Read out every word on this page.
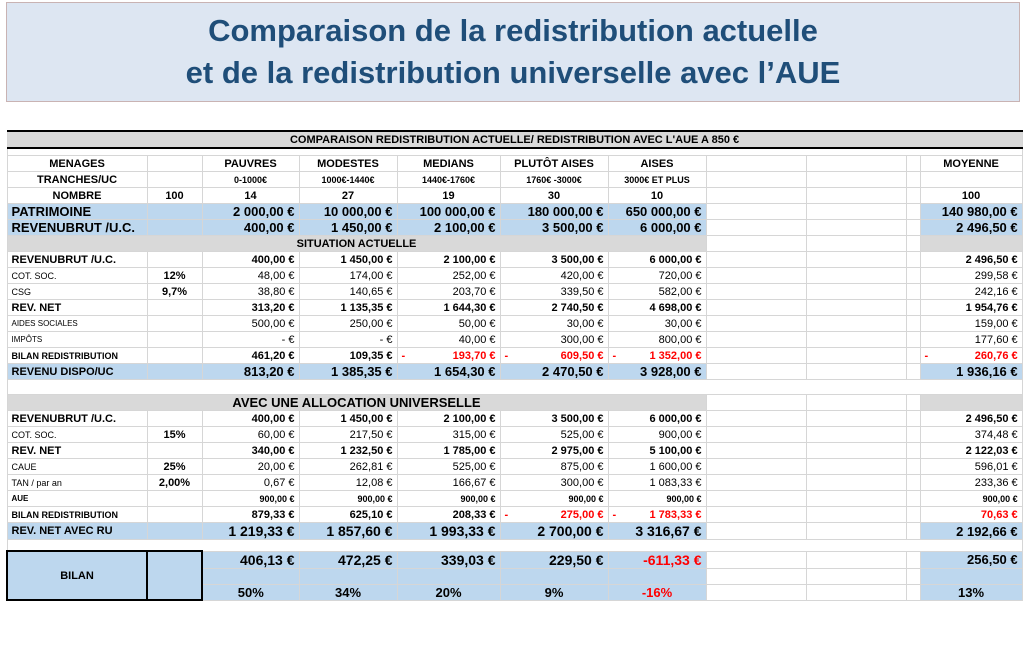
Comparaison de la redistribution actuelle
et de la redistribution universelle avec l’AUE
COMPARAISON REDISTRIBUTION ACTUELLE/ REDISTRIBUTION AVEC L'AUE A 850 €										

MENAGES		PAUVRES	MODESTES	MEDIANS	PLUTÔT AISES	AISES				MOYENNE
TRANCHES/UC		0-1000€	1000€-1440€	1440€-1760€	1760€ -3000€	3000€ ET PLUS				
NOMBRE	100	14	27	19	30	10				100
PATRIMOINE		2 000,00 €	10 000,00 €	100 000,00 €	180 000,00 €	650 000,00 €				140 980,00 €
REVENUBRUT /U.C.		400,00 €	1 450,00 €	2 100,00 €	3 500,00 €	6 000,00 €				2 496,50 €
SITUATION ACTUELLE										
REVENUBRUT /U.C.		400,00 €	1 450,00 €	2 100,00 €	3 500,00 €	6 000,00 €				2 496,50 €
COT. SOC.	12%	48,00 €	174,00 €	252,00 €	420,00 €	720,00 €				299,58 €
CSG	9,7%	38,80 €	140,65 €	203,70 €	339,50 €	582,00 €				242,16 €
REV. NET		313,20 €	1 135,35 €	1 644,30 €	2 740,50 €	4 698,00 €				1 954,76 €
AIDES SOCIALES		500,00 €	250,00 €	50,00 €	30,00 €	30,00 €				159,00 €
IMPÔTS		- €	- €	40,00 €	300,00 €	800,00 €				177,60 €
BILAN REDISTRIBUTION		461,20 €	109,35 €	- 193,70 €	- 609,50 €	- 1 352,00 €				- 260,76 €
REVENU DISPO/UC		813,20 €	1 385,35 €	1 654,30 €	2 470,50 €	3 928,00 €				1 936,16 €

AVEC UNE ALLOCATION UNIVERSELLE										
REVENUBRUT /U.C.		400,00 €	1 450,00 €	2 100,00 €	3 500,00 €	6 000,00 €				2 496,50 €
COT. SOC.	15%	60,00 €	217,50 €	315,00 €	525,00 €	900,00 €				374,48 €
REV. NET		340,00 €	1 232,50 €	1 785,00 €	2 975,00 €	5 100,00 €				2 122,03 €
CAUE	25%	20,00 €	262,81 €	525,00 €	875,00 €	1 600,00 €				596,01 €
TAN / par an	2,00%	0,67 €	12,08 €	166,67 €	300,00 €	1 083,33 €				233,36 €
AUE		900,00 €	900,00 €	900,00 €	900,00 €	900,00 €				900,00 €
BILAN REDISTRIBUTION		879,33 €	625,10 €	208,33 €	- 275,00 €	- 1 783,33 €				70,63 €
REV. NET AVEC RU		1 219,33 €	1 857,60 €	1 993,33 €	2 700,00 €	3 316,67 €				2 192,66 €

BILAN		406,13 €	472,25 €	339,03 €	229,50 €	-611,33 €				256,50 €

		50%	34%	20%	9%	-16%				13%
